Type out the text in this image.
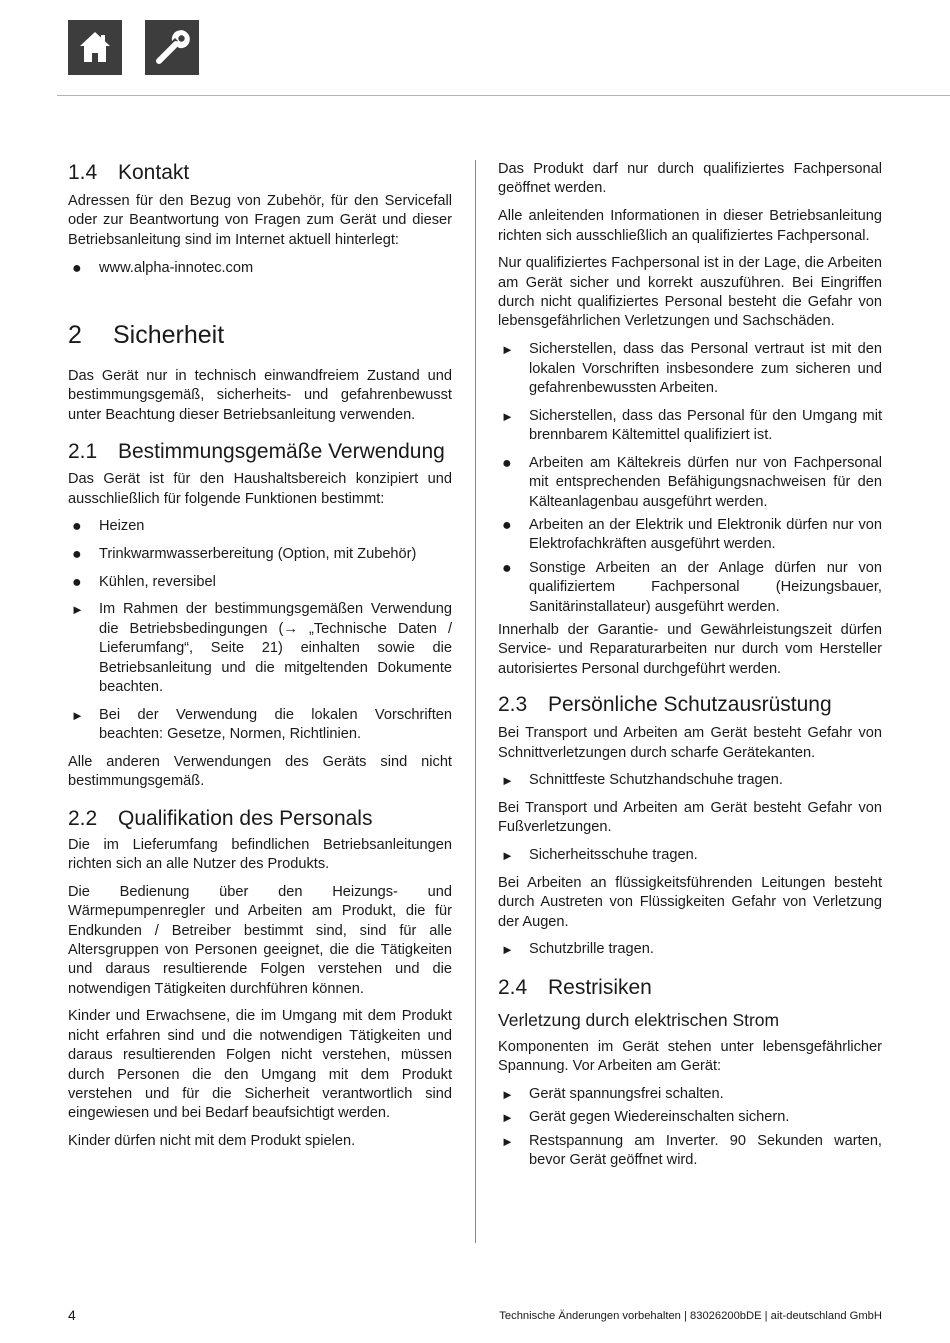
1.4 Kontakt
Adressen für den Bezug von Zubehör, für den Servicefall oder zur Beantwortung von Fragen zum Gerät und dieser Betriebsanleitung sind im Internet aktuell hinterlegt:
● www.alpha-innotec.com
2	Sicherheit
Das Gerät nur in technisch einwandfreiem Zustand und bestimmungsgemäß, sicherheits- und gefahrenbewusst unter Beachtung dieser Betriebsanleitung verwenden.
2.1 Bestimmungsgemäße Verwendung
Das Gerät ist für den Haushaltsbereich konzipiert und ausschließlich für folgende Funktionen bestimmt:
● Heizen
● Trinkwarmwasserbereitung (Option, mit Zubehör)
● Kühlen, reversibel
► Im Rahmen der bestimmungsgemäßen Verwendung die Betriebsbedingungen (→ „Technische Daten / Lieferumfang“, Seite 21) einhalten sowie die Betriebsanleitung und die mitgeltenden Dokumente beachten.
► Bei der Verwendung die lokalen Vorschriften beachten: Gesetze, Normen, Richtlinien.
Alle anderen Verwendungen des Geräts sind nicht bestimmungsgemäß.
2.2 Qualifikation des Personals
Die im Lieferumfang befindlichen Betriebsanleitungen richten sich an alle Nutzer des Produkts.
Die Bedienung über den Heizungs- und Wärmepumpenregler und Arbeiten am Produkt, die für Endkunden / Betreiber bestimmt sind, sind für alle Altersgruppen von Personen geeignet, die die Tätigkeiten und daraus resultierende Folgen verstehen und die notwendigen Tätigkeiten durchführen können.
Kinder und Erwachsene, die im Umgang mit dem Produkt nicht erfahren sind und die notwendigen Tätigkeiten und daraus resultierenden Folgen nicht verstehen, müssen durch Personen die den Umgang mit dem Produkt verstehen und für die Sicherheit verantwortlich sind eingewiesen und bei Bedarf beaufsichtigt werden.
Kinder dürfen nicht mit dem Produkt spielen.
Das Produkt darf nur durch qualifiziertes Fachpersonal geöffnet werden.
Alle anleitenden Informationen in dieser Betriebsanleitung richten sich ausschließlich an qualifiziertes Fachpersonal.
Nur qualifiziertes Fachpersonal ist in der Lage, die Arbeiten am Gerät sicher und korrekt auszuführen. Bei Eingriffen durch nicht qualifiziertes Personal besteht die Gefahr von lebensgefährlichen Verletzungen und Sachschäden.
► Sicherstellen, dass das Personal vertraut ist mit den lokalen Vorschriften insbesondere zum sicheren und gefahrenbewussten Arbeiten.
► Sicherstellen, dass das Personal für den Umgang mit brennbarem Kältemittel qualifiziert ist.
● Arbeiten am Kältekreis dürfen nur von Fachpersonal mit entsprechenden Befähigungsnachweisen für den Kälteanlagenbau ausgeführt werden.
● Arbeiten an der Elektrik und Elektronik dürfen nur von Elektrofachkräften ausgeführt werden.
● Sonstige Arbeiten an der Anlage dürfen nur von qualifiziertem Fachpersonal (Heizungsbauer, Sanitärinstallateur) ausgeführt werden.
Innerhalb der Garantie- und Gewährleistungszeit dürfen Service- und Reparaturarbeiten nur durch vom Hersteller autorisiertes Personal durchgeführt werden.
2.3 Persönliche Schutzausrüstung
Bei Transport und Arbeiten am Gerät besteht Gefahr von Schnittverletzungen durch scharfe Gerätekanten.
► Schnittfeste Schutzhandschuhe tragen.
Bei Transport und Arbeiten am Gerät besteht Gefahr von Fußverletzungen.
► Sicherheitsschuhe tragen.
Bei Arbeiten an flüssigkeitsführenden Leitungen besteht durch Austreten von Flüssigkeiten Gefahr von Verletzung der Augen.
► Schutzbrille tragen.
2.4 Restrisiken
Verletzung durch elektrischen Strom
Komponenten im Gerät stehen unter lebensgefährlicher Spannung. Vor Arbeiten am Gerät:
► Gerät spannungsfrei schalten.
► Gerät gegen Wiedereinschalten sichern.
► Restspannung am Inverter. 90 Sekunden warten, bevor Gerät geöffnet wird.
4	Technische Änderungen vorbehalten | 83026200bDE | ait-deutschland GmbH
